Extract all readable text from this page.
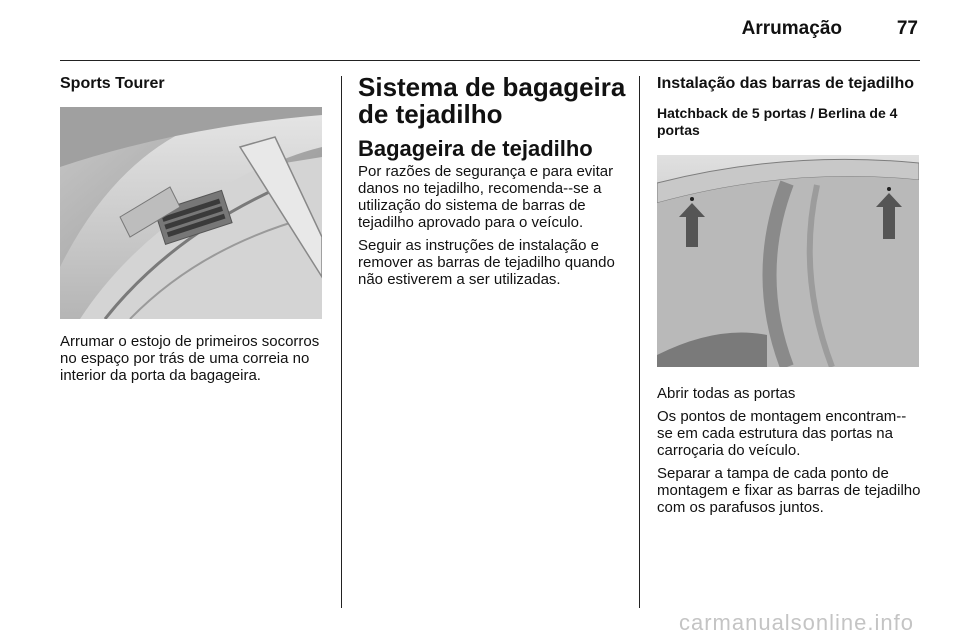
Arrumação	77
Sports Tourer

Arrumar o estojo de primeiros socorros no espaço por trás de uma correia no interior da porta da bagageira.

Sistema de bagageira de tejadilho
Bagageira de tejadilho

Por razões de segurança e para evitar danos no tejadilho, recomenda--se a utilização do sistema de barras de tejadilho aprovado para o veículo.

Seguir as instruções de instalação e remover as barras de tejadilho quando não estiverem a ser utilizadas.

Instalação das barras de tejadilho
Hatchback de 5 portas / Berlina de 4 portas

Abrir todas as portas

Os pontos de montagem encontram--se em cada estrutura das portas na carroçaria do veículo.

Separar a tampa de cada ponto de montagem e fixar as barras de tejadilho com os parafusos juntos.

carmanualsonline.info
